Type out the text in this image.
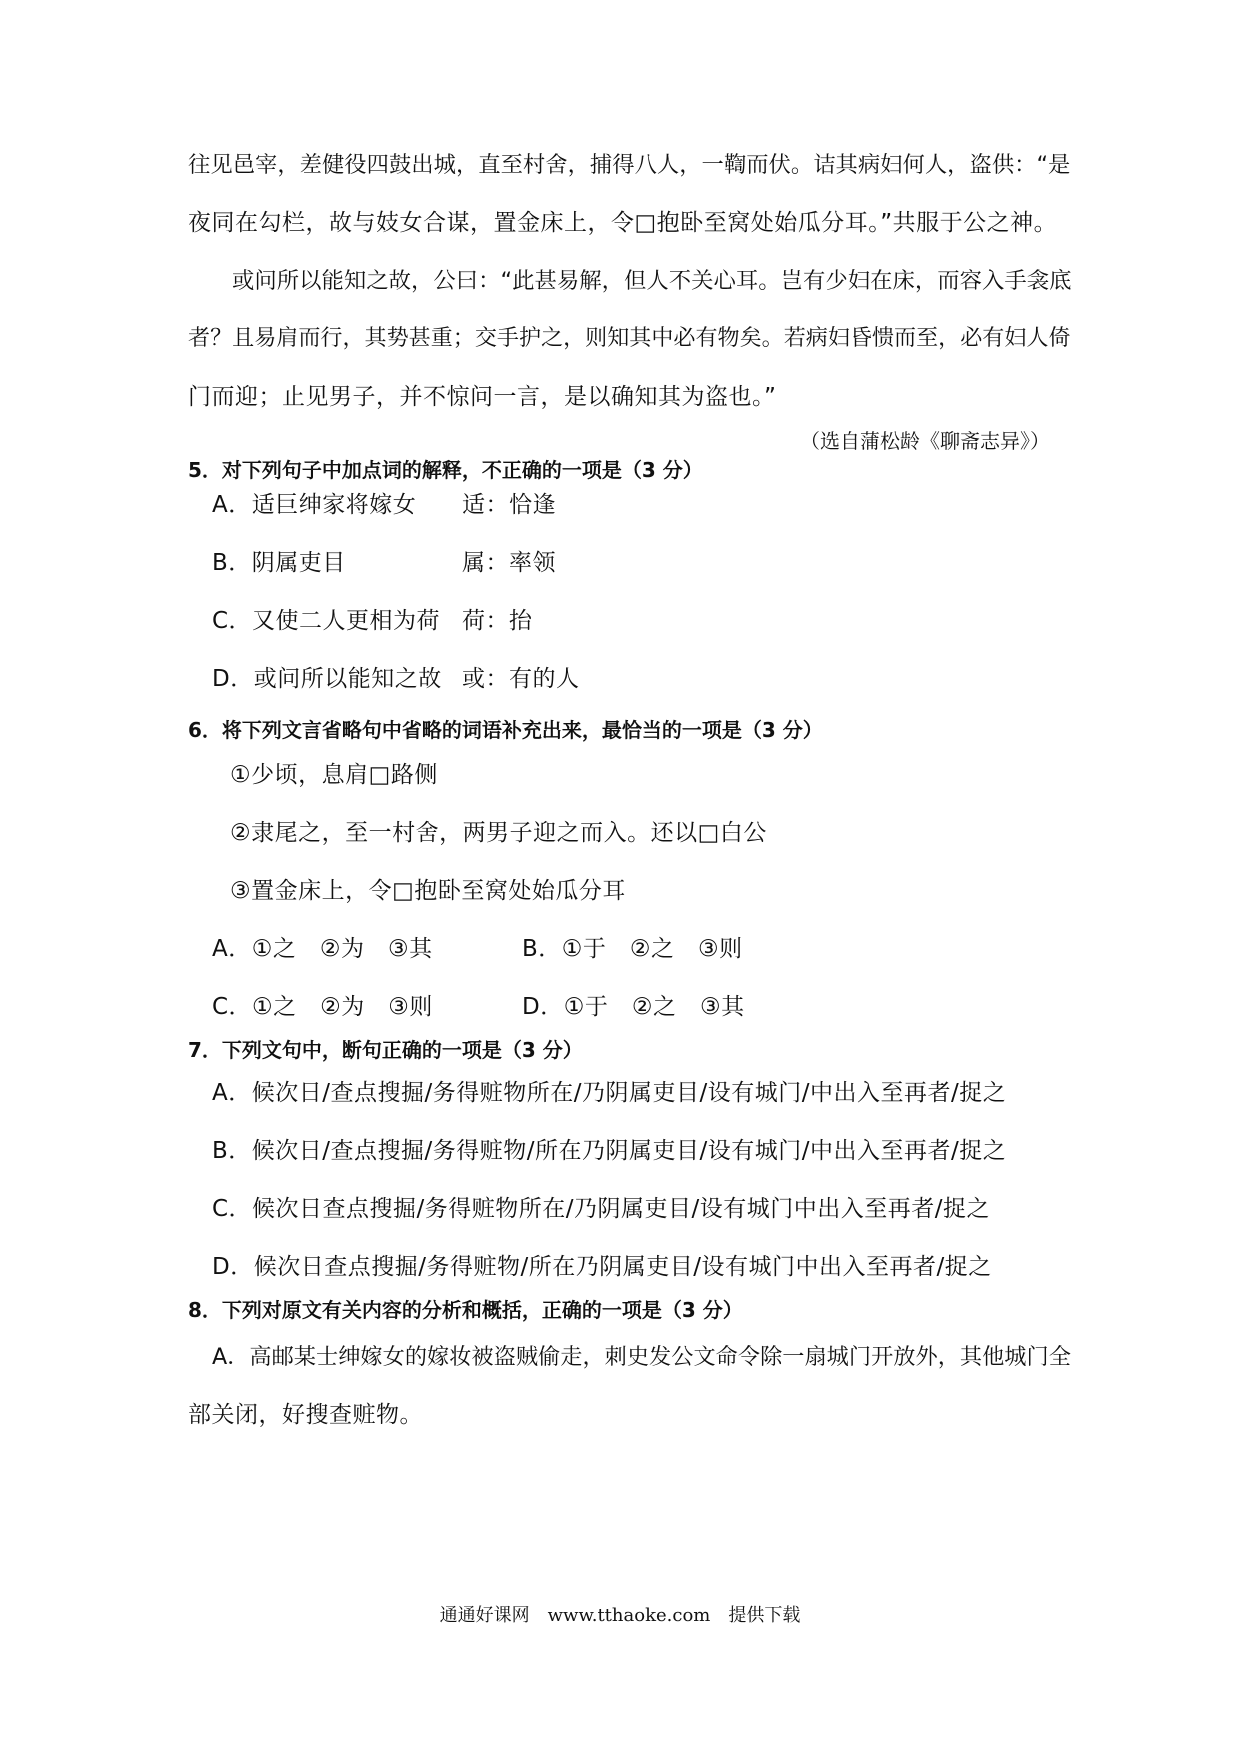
往见邑宰，差健役四鼓出城，直至村舍，捕得八人，一鞫而伏。诘其病妇何人，盗供：“是
夜同在勾栏，故与妓女合谋，置金床上，令□抱卧至窝处始瓜分耳。”共服于公之神。
或问所以能知之故，公曰：“此甚易解，但人不关心耳。岂有少妇在床，而容入手衾底
者？且易肩而行，其势甚重；交手护之，则知其中必有物矣。若病妇昏愦而至，必有妇人倚
门而迎；止见男子，并不惊问一言，是以确知其为盗也。”
（选自蒲松龄《聊斋志异》）
5．对下列句子中加点词的解释，不正确的一项是（3 分）
A．适巨绅家将嫁女 适：恰逢
B．阴属吏目	属：率领
C．又使二人更相为荷 荷：抬
D．或问所以能知之故 或：有的人
6．将下列文言省略句中省略的词语补充出来，最恰当的一项是（3 分）
①少顷，息肩□路侧
②隶尾之，至一村舍，两男子迎之而入。还以□白公
③置金床上，令□抱卧至窝处始瓜分耳
A．①之　②为　③其	B．①于　②之　③则
C．①之　②为　③则	D．①于　②之　③其
7．下列文句中，断句正确的一项是（3 分）
A．候次日/查点搜掘/务得赃物所在/乃阴属吏目/设有城门/中出入至再者/捉之
B．候次日/查点搜掘/务得赃物/所在乃阴属吏目/设有城门/中出入至再者/捉之
C．候次日查点搜掘/务得赃物所在/乃阴属吏目/设有城门中出入至再者/捉之
D．候次日查点搜掘/务得赃物/所在乃阴属吏目/设有城门中出入至再者/捉之
8．下列对原文有关内容的分析和概括，正确的一项是（3 分）
A．高邮某士绅嫁女的嫁妆被盗贼偷走，刺史发公文命令除一扇城门开放外，其他城门全
部关闭，好搜查赃物。
通通好课网　www.tthaoke.com　提供下载
